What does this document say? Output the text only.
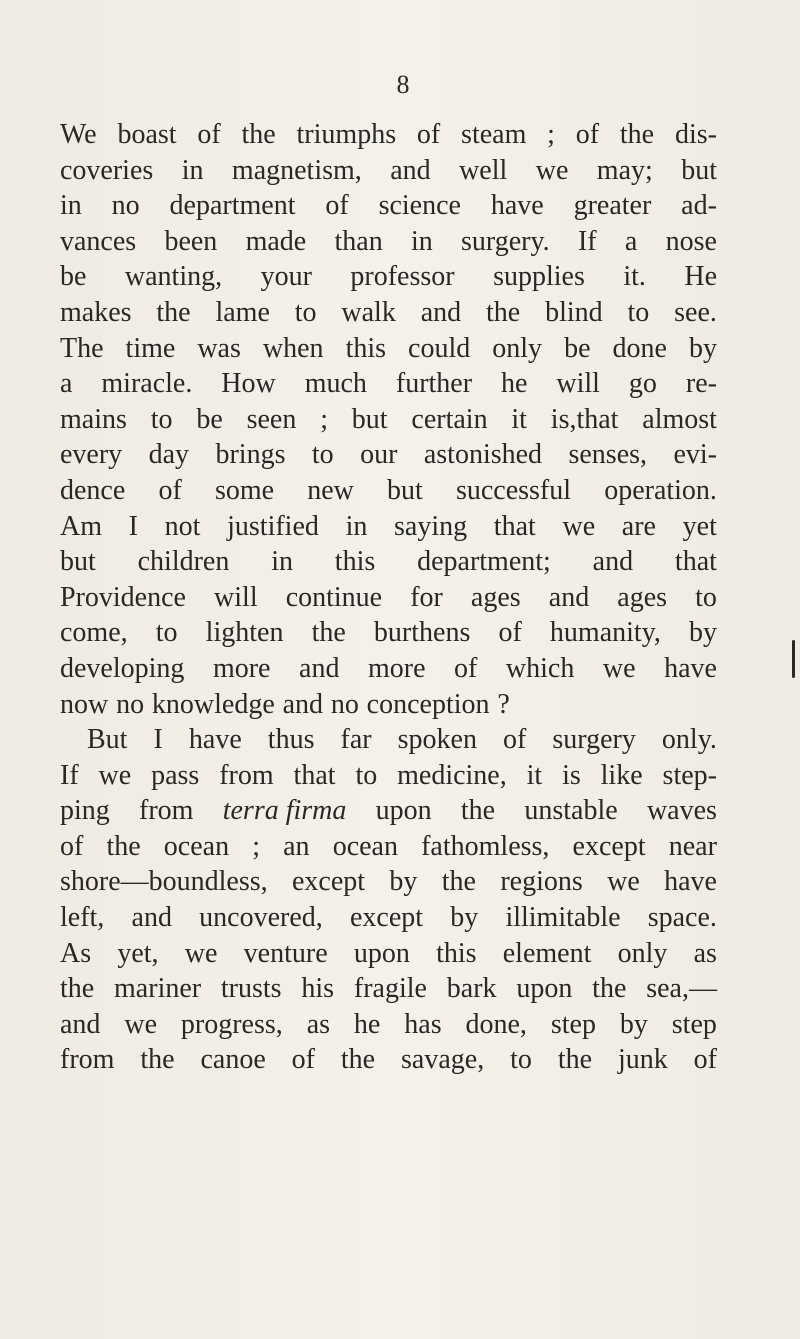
8
We boast of the triumphs of steam ; of the dis-
coveries in magnetism, and well we may; but
in no department of science have greater ad-
vances been made than in surgery. If a nose
be wanting, your professor supplies it. He
makes the lame to walk and the blind to see.
The time was when this could only be done by
a miracle. How much further he will go re-
mains to be seen ; but certain it is,that almost
every day brings to our astonished senses, evi-
dence of some new but successful operation.
Am I not justified in saying that we are yet
but children in this department; and that
Providence will continue for ages and ages to
come, to lighten the burthens of humanity, by
developing more and more of which we have
now no knowledge and no conception ?
But I have thus far spoken of surgery only.
If we pass from that to medicine, it is like step-
ping from terra firma upon the unstable waves
of the ocean ; an ocean fathomless, except near
shore—boundless, except by the regions we have
left, and uncovered, except by illimitable space.
As yet, we venture upon this element only as
the mariner trusts his fragile bark upon the sea,—
and we progress, as he has done, step by step
from the canoe of the savage, to the junk of
